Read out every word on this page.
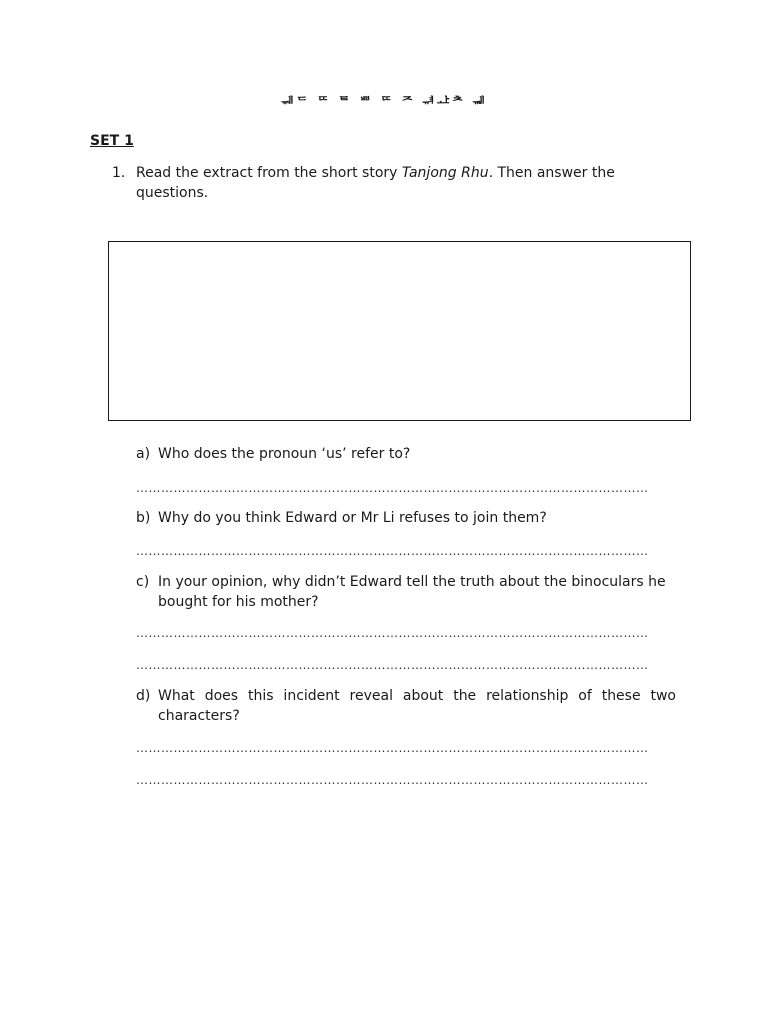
ᆐᄃ ᄄ ᄐ ᄈ ᄄ ᄌ ᆑᅶᄎ ᆒ
SET 1
1. Read the extract from the short story Tanjong Rhu. Then answer the questions.
a) Who does the pronoun ‘us’ refer to?
……………………………………………………………………………………………………………
b) Why do you think Edward or Mr Li refuses to join them?
……………………………………………………………………………………………………………
c) In your opinion, why didn’t Edward tell the truth about the binoculars he bought for his mother?
……………………………………………………………………………………………………………
……………………………………………………………………………………………………………
d) What does this incident reveal about the relationship of these two characters?
……………………………………………………………………………………………………………
……………………………………………………………………………………………………………
